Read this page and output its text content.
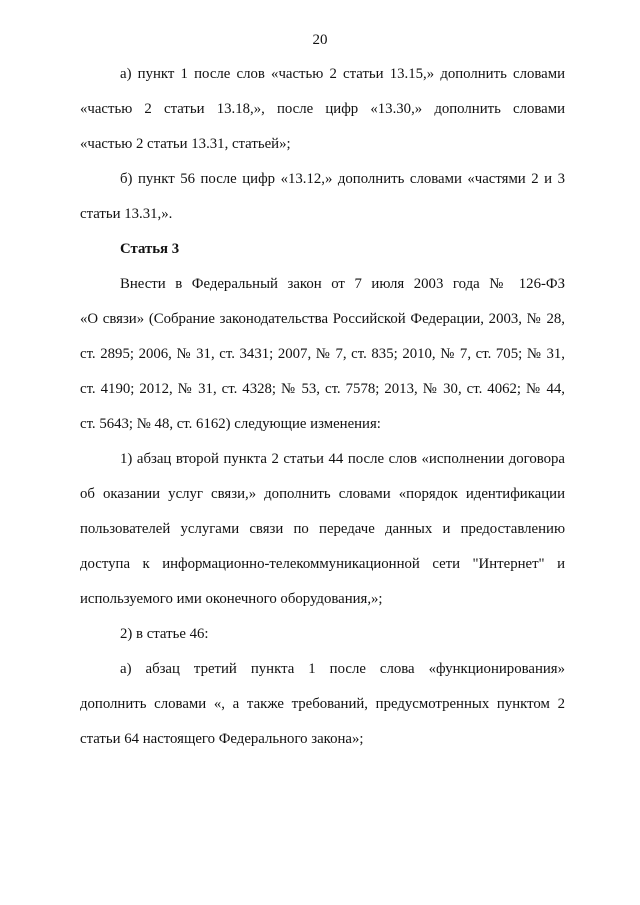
20
а) пункт 1 после слов «частью 2 статьи 13.15,» дополнить словами
«частью 2 статьи 13.18,», после цифр «13.30,» дополнить словами
«частью 2 статьи 13.31, статьей»;
б) пункт 56 после цифр «13.12,» дополнить словами «частями 2 и 3
статьи 13.31,».
Статья 3
Внести в Федеральный закон от 7 июля 2003 года № 126-ФЗ
«О связи» (Собрание законодательства Российской Федерации, 2003, № 28,
ст. 2895; 2006, № 31, ст. 3431; 2007, № 7, ст. 835; 2010, № 7, ст. 705; № 31,
ст. 4190; 2012, № 31, ст. 4328; № 53, ст. 7578; 2013, № 30, ст. 4062; № 44,
ст. 5643; № 48, ст. 6162) следующие изменения:
1) абзац второй пункта 2 статьи 44 после слов «исполнении договора
об оказании услуг связи,» дополнить словами «порядок идентификации
пользователей услугами связи по передаче данных и предоставлению
доступа к информационно-телекоммуникационной сети "Интернет" и
используемого ими оконечного оборудования,»;
2) в статье 46:
а) абзац третий пункта 1 после слова «функционирования»
дополнить словами «, а также требований, предусмотренных пунктом 2
статьи 64 настоящего Федерального закона»;
